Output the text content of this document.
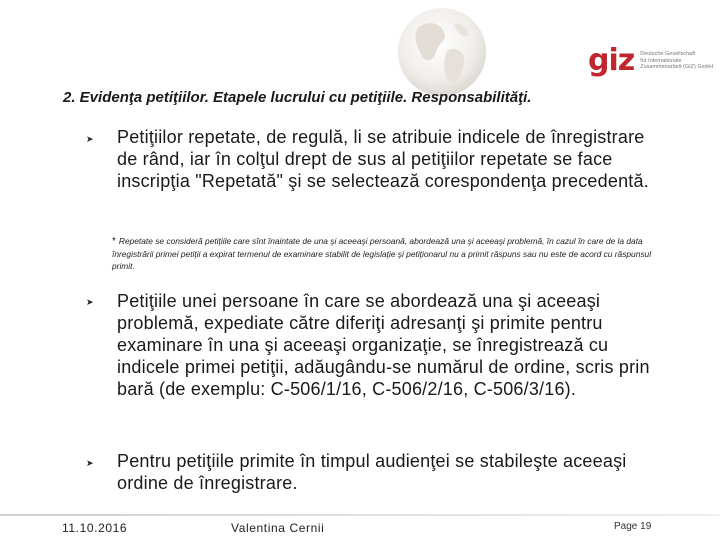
giz Deutsche Gesellschaft
für Internationale
Zusammenarbeit (GIZ) GmbH
2. Evidenţa petiţiilor. Etapele lucrului cu petiţiile. Responsabilităţi.
➤ Petiţiilor repetate, de regulă, li se atribuie indicele de înregistrare de rând, iar în colţul drept de sus al petiţiilor repetate se face inscripţia "Repetată" şi se selectează corespondenţa precedentă.
* Repetate se consideră petiţiile care sînt înaintate de una şi aceeaşi persoană, abordează una şi aceeaşi problemă, în cazul în care de la data înregistrării primei petiţii a expirat termenul de examinare stabilit de legislaţie şi petiţionarul nu a primit răspuns sau nu este de acord cu răspunsul primit.
➤ Petiţiile unei persoane în care se abordează una şi aceeaşi problemă, expediate către diferiţi adresanţi şi primite pentru examinare în una şi aceeaşi organizaţie, se înregistrează cu indicele primei petiţii, adăugându-se numărul de ordine, scris prin bară (de exemplu: C-506/1/16, C-506/2/16, C-506/3/16).
➤ Pentru petiţiile primite în timpul audienţei se stabileşte aceeaşi ordine de înregistrare.
11.10.2016	Valentina Cernii	Page 19
